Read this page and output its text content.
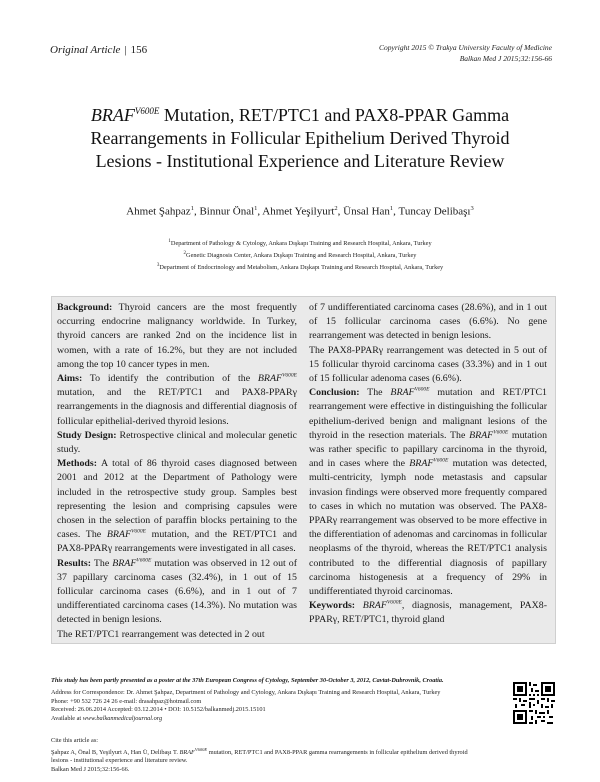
Original Article | 156	Copyright 2015 © Trakya University Faculty of Medicine
Balkan Med J 2015;32:156-66
$BRAF^{V600E}$ Mutation, RET/PTC1 and PAX8-PPAR Gamma
Rearrangements in Follicular Epithelium Derived Thyroid
Lesions - Institutional Experience and Literature Review
Ahmet Şahpaz$^1$, Binnur Önal$^1$, Ahmet Yeşilyurt$^2$, Ünsal Han$^1$, Tuncay Delibaşı$^3$
$^1$Department of Pathology & Cytology, Ankara Dışkapı Training and Research Hospital, Ankara, Turkey
$^2$Genetic Diagnosis Center, Ankara Dışkapı Training and Research Hospital, Ankara, Turkey
$^3$Department of Endocrinology and Metabolism, Ankara Dışkapı Training and Research Hospital, Ankara, Turkey

Background: Thyroid cancers are the most frequently occurring endocrine malignancy worldwide. In Turkey, thyroid cancers are ranked 2nd on the incidence list in women, with a rate of 16.2%, but they are not included among the top 10 cancer types in men.

Aims: To identify the contribution of the $BRAF^{V600E}$ mutation, and the RET/PTC1 and PAX8-PPARγ rearrangements in the diagnosis and differential diagnosis of follicular epithelial-derived thyroid lesions.

Study Design: Retrospective clinical and molecular genetic study.

Methods: A total of 86 thyroid cases diagnosed between 2001 and 2012 at the Department of Pathology were included in the retrospective study group. Samples best representing the lesion and comprising capsules were chosen in the selection of paraffin blocks pertaining to the cases. The $BRAF^{V600E}$ mutation, and the RET/PTC1 and PAX8-PPARγ rearrangements were investigated in all cases.

Results: The $BRAF^{V600E}$ mutation was observed in 12 out of 37 papillary carcinoma cases (32.4%), in 1 out of 15 follicular carcinoma cases (6.6%), and in 1 out of 7 undifferentiated carcinoma cases (14.3%). No mutation was detected in benign lesions.

The RET/PTC1 rearrangement was detected in 2 out

of 7 undifferentiated carcinoma cases (28.6%), and in 1 out of 15 follicular carcinoma cases (6.6%). No gene rearrangement was detected in benign lesions.

The PAX8-PPARγ rearrangement was detected in 5 out of 15 follicular thyroid carcinoma cases (33.3%) and in 1 out of 15 follicular adenoma cases (6.6%).

Conclusion: The $BRAF^{V600E}$ mutation and RET/PTC1 rearrangement were effective in distinguishing the follicular epithelium-derived benign and malignant lesions of the thyroid in the resection materials. The $BRAF^{V600E}$ mutation was rather specific to papillary carcinoma in the thyroid, and in cases where the $BRAF^{V600E}$ mutation was detected, multi-centricity, lymph node metastasis and capsular invasion findings were observed more frequently compared to cases in which no mutation was observed. The PAX8-PPARγ rearrangement was observed to be more effective in the differentiation of adenomas and carcinomas in follicular neoplasms of the thyroid, whereas the RET/PTC1 analysis contributed to the differential diagnosis of papillary carcinoma histogenesis at a frequency of 29% in undifferentiated thyroid carcinomas.

Keywords: $BRAF^{V600E}$, diagnosis, management, PAX8-PPARγ, RET/PTC1, thyroid gland

This study has been partly presented as a poster at the 37th European Congress of Cytology, September 30-October 3, 2012, Cavtat-Dubrovnik, Croatia.
Address for Correspondence: Dr. Ahmet Şahpaz, Department of Pathology and Cytology, Ankara Dışkapı Training and Research Hospital, Ankara, Turkey
Phone: +90 532 726 24 26 e-mail: drasahpaz@hotmail.com
Received: 26.06.2014 Accepted: 03.12.2014 • DOI: 10.5152/balkanmedj.2015.15101
Available at www.balkanmedicaljournal.org
Cite this article as:
Şahpaz A, Önal B, Yeşilyurt A, Han Ü, Delibaşı T. $BRAF^{V600E}$ mutation, RET/PTC1 and PAX8-PPAR gamma rearrangements in follicular epithelium derived thyroid
lesions - institutional experience and literature review.
Balkan Med J 2015;32:156-66.
